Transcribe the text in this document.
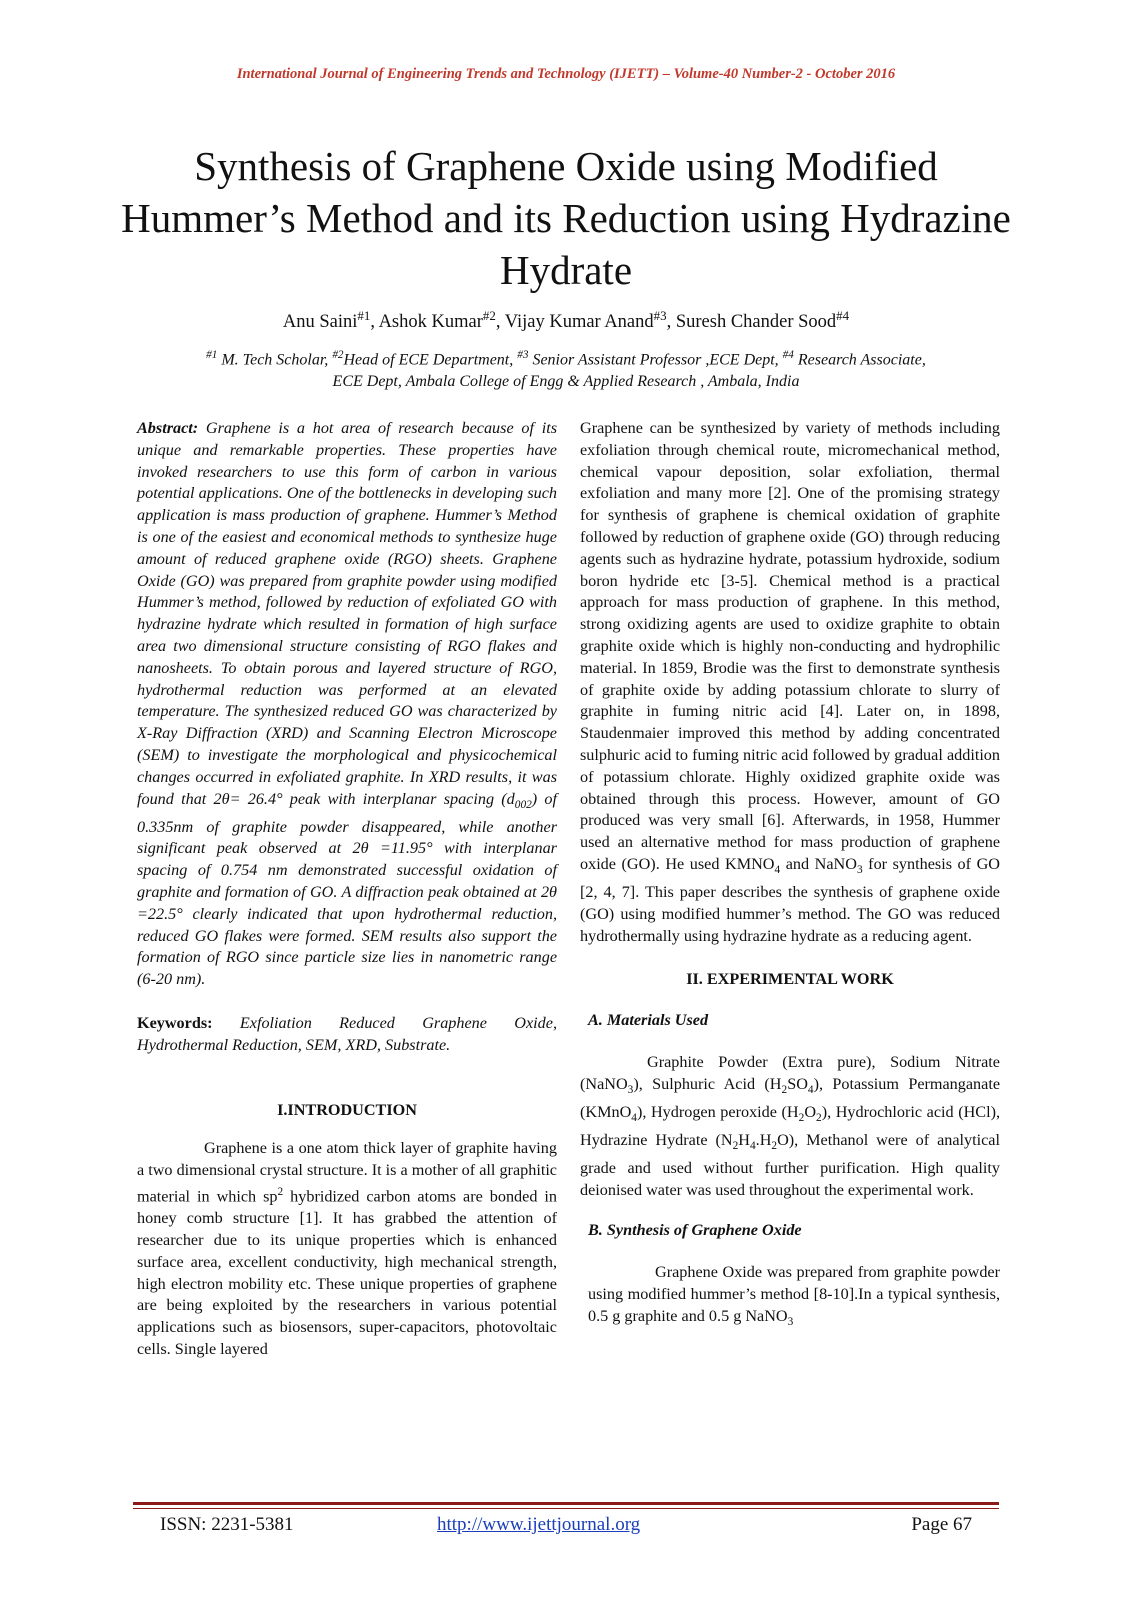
International Journal of Engineering Trends and Technology (IJETT) – Volume-40 Number-2 - October 2016
Synthesis of Graphene Oxide using Modified Hummer’s Method and its Reduction using Hydrazine Hydrate
Anu Saini$^{\#1}$, Ashok Kumar$^{\#2}$, Vijay Kumar Anand$^{\#3}$, Suresh Chander Sood$^{\#4}$
$^{\#1}$ M. Tech Scholar, $^{\#2}$Head of ECE Department, $^{\#3}$ Senior Assistant Professor ,ECE Dept, $^{\#4}$ Research Associate,
ECE Dept, Ambala College of Engg & Applied Research , Ambala, India

Abstract: Graphene is a hot area of research because of its unique and remarkable properties. These properties have invoked researchers to use this form of carbon in various potential applications. One of the bottlenecks in developing such application is mass production of graphene. Hummer’s Method is one of the easiest and economical methods to synthesize huge amount of reduced graphene oxide (RGO) sheets. Graphene Oxide (GO) was prepared from graphite powder using modified Hummer’s method, followed by reduction of exfoliated GO with hydrazine hydrate which resulted in formation of high surface area two dimensional structure consisting of RGO flakes and nanosheets. To obtain porous and layered structure of RGO, hydrothermal reduction was performed at an elevated temperature. The synthesized reduced GO was characterized by X-Ray Diffraction (XRD) and Scanning Electron Microscope (SEM) to investigate the morphological and physicochemical changes occurred in exfoliated graphite. In XRD results, it was found that 2θ= 26.4° peak with interplanar spacing $(d_{002})$ of 0.335nm of graphite powder disappeared, while another significant peak observed at 2θ =11.95° with interplanar spacing of 0.754 nm demonstrated successful oxidation of graphite and formation of GO. A diffraction peak obtained at 2θ =22.5° clearly indicated that upon hydrothermal reduction, reduced GO flakes were formed. SEM results also support the formation of RGO since particle size lies in nanometric range (6-20 nm).

Keywords: Exfoliation Reduced Graphene Oxide, Hydrothermal Reduction, SEM, XRD, Substrate.

I.INTRODUCTION

Graphene is a one atom thick layer of graphite having a two dimensional crystal structure. It is a mother of all graphitic material in which $sp^2$ hybridized carbon atoms are bonded in honey comb structure [1]. It has grabbed the attention of researcher due to its unique properties which is enhanced surface area, excellent conductivity, high mechanical strength, high electron mobility etc. These unique properties of graphene are being exploited by the researchers in various potential applications such as biosensors, super-capacitors, photovoltaic cells. Single layered

Graphene can be synthesized by variety of methods including exfoliation through chemical route, micromechanical method, chemical vapour deposition, solar exfoliation, thermal exfoliation and many more [2]. One of the promising strategy for synthesis of graphene is chemical oxidation of graphite followed by reduction of graphene oxide (GO) through reducing agents such as hydrazine hydrate, potassium hydroxide, sodium boron hydride etc [3-5]. Chemical method is a practical approach for mass production of graphene. In this method, strong oxidizing agents are used to oxidize graphite to obtain graphite oxide which is highly non-conducting and hydrophilic material. In 1859, Brodie was the first to demonstrate synthesis of graphite oxide by adding potassium chlorate to slurry of graphite in fuming nitric acid [4]. Later on, in 1898, Staudenmaier improved this method by adding concentrated sulphuric acid to fuming nitric acid followed by gradual addition of potassium chlorate. Highly oxidized graphite oxide was obtained through this process. However, amount of GO produced was very small [6]. Afterwards, in 1958, Hummer used an alternative method for mass production of graphene oxide (GO). He used $KMNO_4$ and NaNO$_3$ for synthesis of GO [2, 4, 7]. This paper describes the synthesis of graphene oxide (GO) using modified hummer’s method. The GO was reduced hydrothermally using hydrazine hydrate as a reducing agent.

II. EXPERIMENTAL WORK

A. Materials Used

Graphite Powder (Extra pure), Sodium Nitrate (NaNO$_3$), Sulphuric Acid $(H_2SO_4)$, Potassium Permanganate (KMnO$_4$), Hydrogen peroxide $(H_2O_2)$, Hydrochloric acid (HCl), Hydrazine Hydrate $(N_2H_4.H_2O)$, Methanol were of analytical grade and used without further purification. High quality deionised water was used throughout the experimental work.

B. Synthesis of Graphene Oxide

Graphene Oxide was prepared from graphite powder using modified hummer’s method [8-10].In a typical synthesis, 0.5 g graphite and 0.5 g NaNO$_3$

ISSN: 2231-5381	http://www.ijettjournal.org	Page 67
